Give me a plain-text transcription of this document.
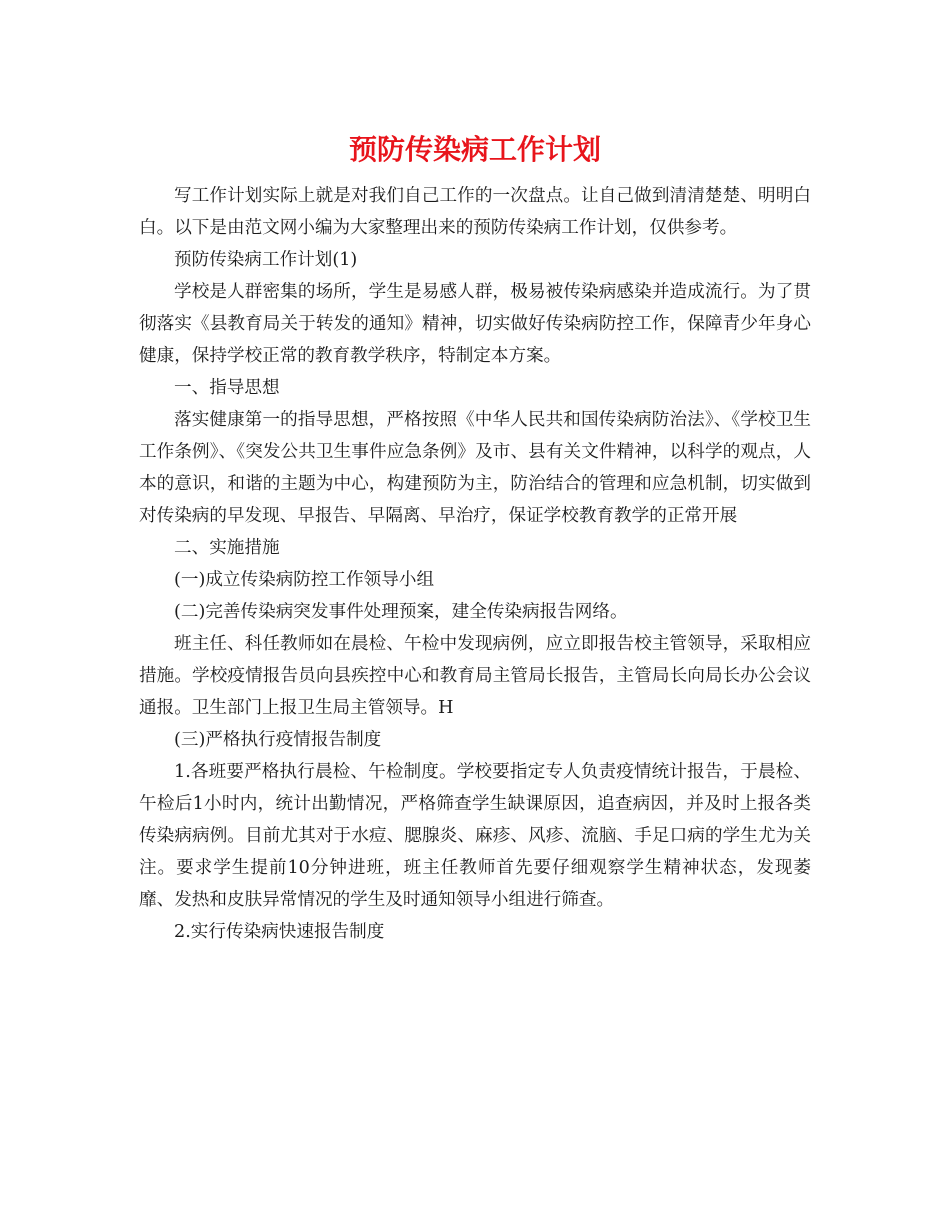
预防传染病工作计划

写工作计划实际上就是对我们自己工作的一次盘点。让自己做到清清楚楚、明明白白。以下是由范文网小编为大家整理出来的预防传染病工作计划，仅供参考。

预防传染病工作计划(1)

学校是人群密集的场所，学生是易感人群，极易被传染病感染并造成流行。为了贯彻落实《县教育局关于转发的通知》精神，切实做好传染病防控工作，保障青少年身心健康，保持学校正常的教育教学秩序，特制定本方案。

一、指导思想

落实健康第一的指导思想，严格按照《中华人民共和国传染病防治法》、《学校卫生工作条例》、《突发公共卫生事件应急条例》及市、县有关文件精神，以科学的观点，人本的意识，和谐的主题为中心，构建预防为主，防治结合的管理和应急机制，切实做到对传染病的早发现、早报告、早隔离、早治疗，保证学校教育教学的正常开展

二、实施措施

(一)成立传染病防控工作领导小组

(二)完善传染病突发事件处理预案，建全传染病报告网络。

班主任、科任教师如在晨检、午检中发现病例，应立即报告校主管领导，采取相应措施。学校疫情报告员向县疾控中心和教育局主管局长报告，主管局长向局长办公会议通报。卫生部门上报卫生局主管领导。H

(三)严格执行疫情报告制度

1.各班要严格执行晨检、午检制度。学校要指定专人负责疫情统计报告，于晨检、午检后1小时内，统计出勤情况，严格筛查学生缺课原因，追查病因，并及时上报各类传染病病例。目前尤其对于水痘、腮腺炎、麻疹、风疹、流脑、手足口病的学生尤为关注。要求学生提前10分钟进班，班主任教师首先要仔细观察学生精神状态，发现萎靡、发热和皮肤异常情况的学生及时通知领导小组进行筛查。

2.实行传染病快速报告制度
